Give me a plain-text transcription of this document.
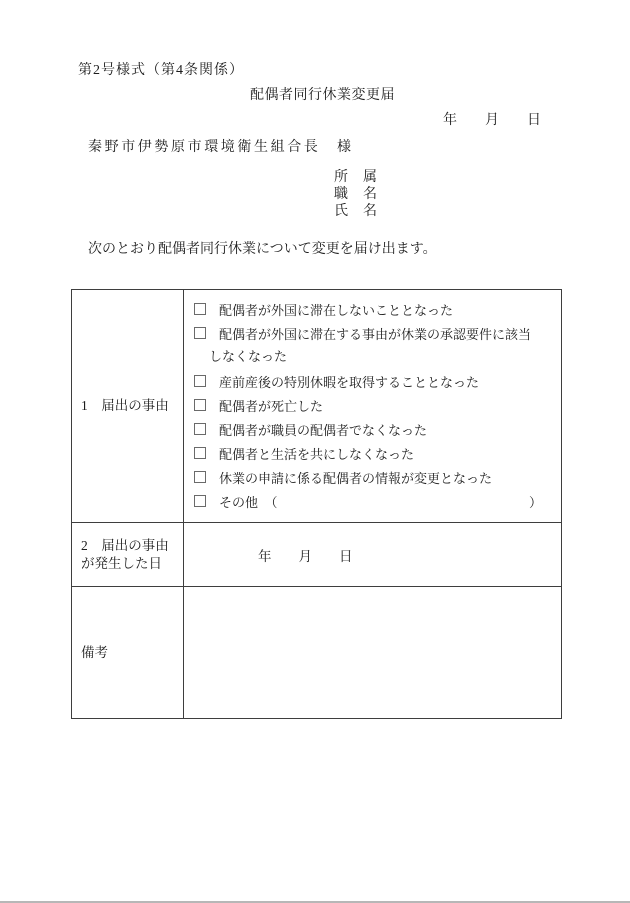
第2号様式（第4条関係）
配偶者同行休業変更届
年　　月　　日
秦野市伊勢原市環境衛生組合長　様
所　属
職　名
氏　名
次のとおり配偶者同行休業について変更を届け出ます。
1　届出の事由	
配偶者が外国に滞在しないこととなった
配偶者が外国に滞在する事由が休業の承認要件に該当
しなくなった
産前産後の特別休暇を取得することとなった
配偶者が死亡した
配偶者が職員の配偶者でなくなった
配偶者と生活を共にしなくなった
休業の申請に係る配偶者の情報が変更となった
その他　（	）

2　届出の事由が発生した日	年　　月　　日
備考	
